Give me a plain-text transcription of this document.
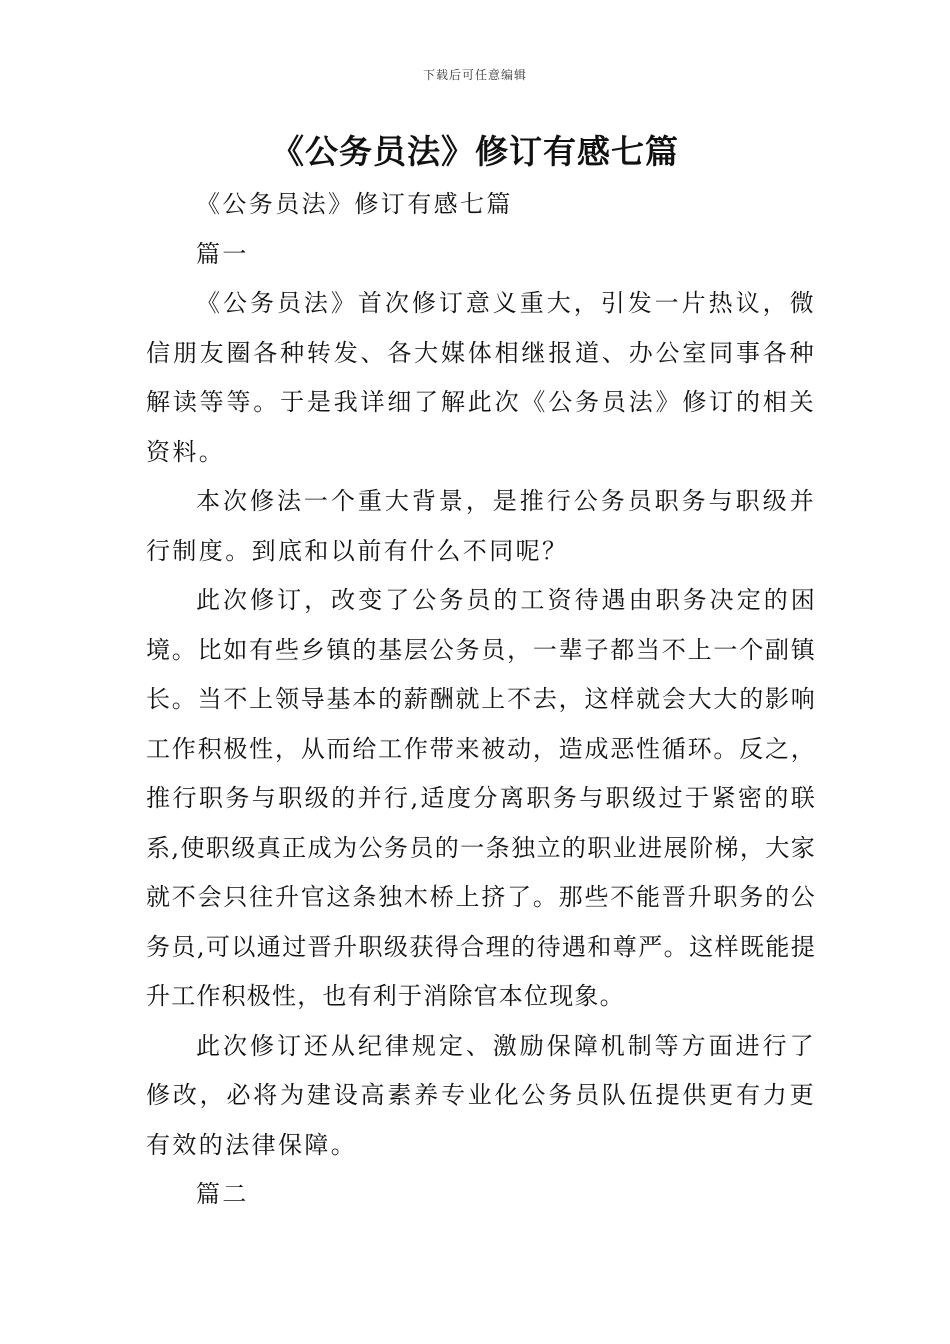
下载后可任意编辑
《公务员法》修订有感七篇

《公务员法》修订有感七篇

篇一

《公务员法》首次修订意义重大，引发一片热议，微信朋友圈各种转发、各大媒体相继报道、办公室同事各种解读等等。于是我详细了解此次《公务员法》修订的相关资料。

本次修法一个重大背景，是推行公务员职务与职级并行制度。到底和以前有什么不同呢？

此次修订，改变了公务员的工资待遇由职务决定的困境。比如有些乡镇的基层公务员，一辈子都当不上一个副镇长。当不上领导基本的薪酬就上不去，这样就会大大的影响工作积极性，从而给工作带来被动，造成恶性循环。反之，推行职务与职级的并行,适度分离职务与职级过于紧密的联系,使职级真正成为公务员的一条独立的职业进展阶梯，大家就不会只往升官这条独木桥上挤了。那些不能晋升职务的公务员,可以通过晋升职级获得合理的待遇和尊严。这样既能提升工作积极性，也有利于消除官本位现象。

此次修订还从纪律规定、激励保障机制等方面进行了修改，必将为建设高素养专业化公务员队伍提供更有力更有效的法律保障。

篇二
